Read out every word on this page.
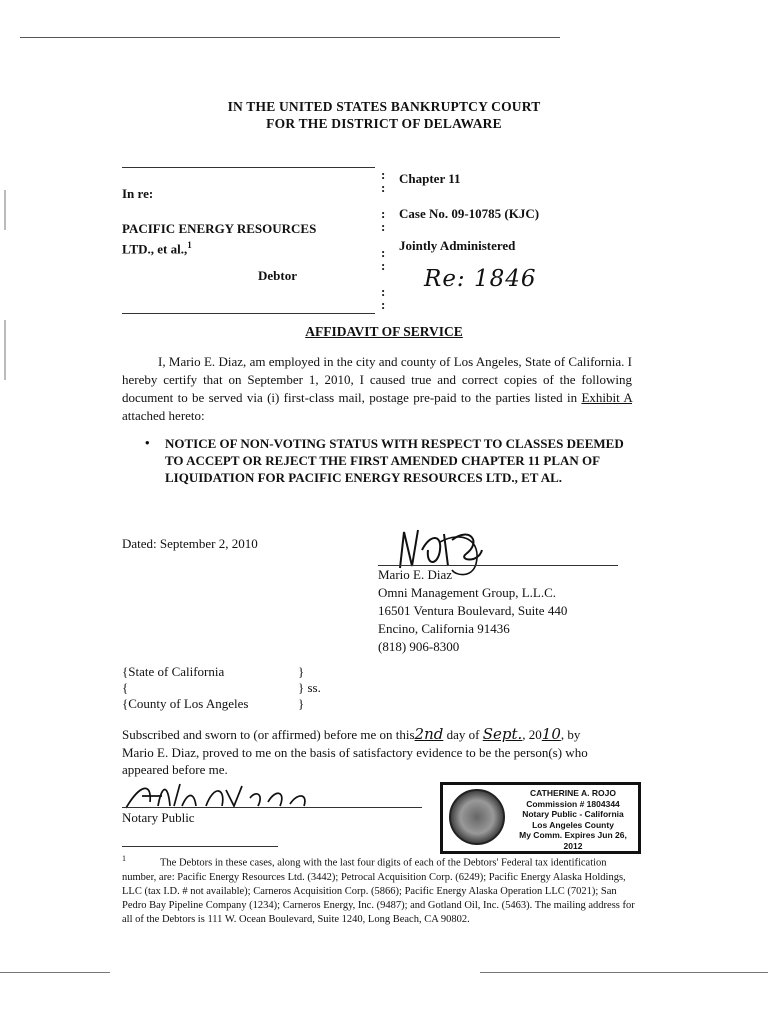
IN THE UNITED STATES BANKRUPTCY COURT
FOR THE DISTRICT OF DELAWARE
In re:
PACIFIC ENERGY RESOURCES
LTD., et al.,$^1$
Debtor
:
:

:
:

:
:

:
:
Chapter 11
Case No. 09-10785 (KJC)
Jointly Administered
Re: 1846
AFFIDAVIT OF SERVICE
I, Mario E. Diaz, am employed in the city and county of Los Angeles, State of California. I hereby certify that on September 1, 2010, I caused true and correct copies of the following document to be served via (i) first-class mail, postage pre-paid to the parties listed in Exhibit A attached hereto:
• NOTICE OF NON-VOTING STATUS WITH RESPECT TO CLASSES DEEMED TO ACCEPT OR REJECT THE FIRST AMENDED CHAPTER 11 PLAN OF LIQUIDATION FOR PACIFIC ENERGY RESOURCES LTD., ET AL.
Dated: September 2, 2010
Mario E. Diaz
Omni Management Group, L.L.C.
16501 Ventura Boulevard, Suite 440
Encino, California 91436
(818) 906-8300
{State of California
{
{County of Los Angeles
}
} ss.
}
Subscribed and sworn to (or affirmed) before me on this2nd day of Sept., 2010, by
Mario E. Diaz, proved to me on the basis of satisfactory evidence to be the person(s) who
appeared before me.
Notary Public
CATHERINE A. ROJO
Commission # 1804344
Notary Public - California
Los Angeles County
My Comm. Expires Jun 26, 2012
$^1$	The Debtors in these cases, along with the last four digits of each of the Debtors' Federal tax identification number, are: Pacific Energy Resources Ltd. (3442); Petrocal Acquisition Corp. (6249); Pacific Energy Alaska Holdings, LLC (tax I.D. # not available); Carneros Acquisition Corp. (5866); Pacific Energy Alaska Operation LLC (7021); San Pedro Bay Pipeline Company (1234); Carneros Energy, Inc. (9487); and Gotland Oil, Inc. (5463). The mailing address for all of the Debtors is 111 W. Ocean Boulevard, Suite 1240, Long Beach, CA 90802.
